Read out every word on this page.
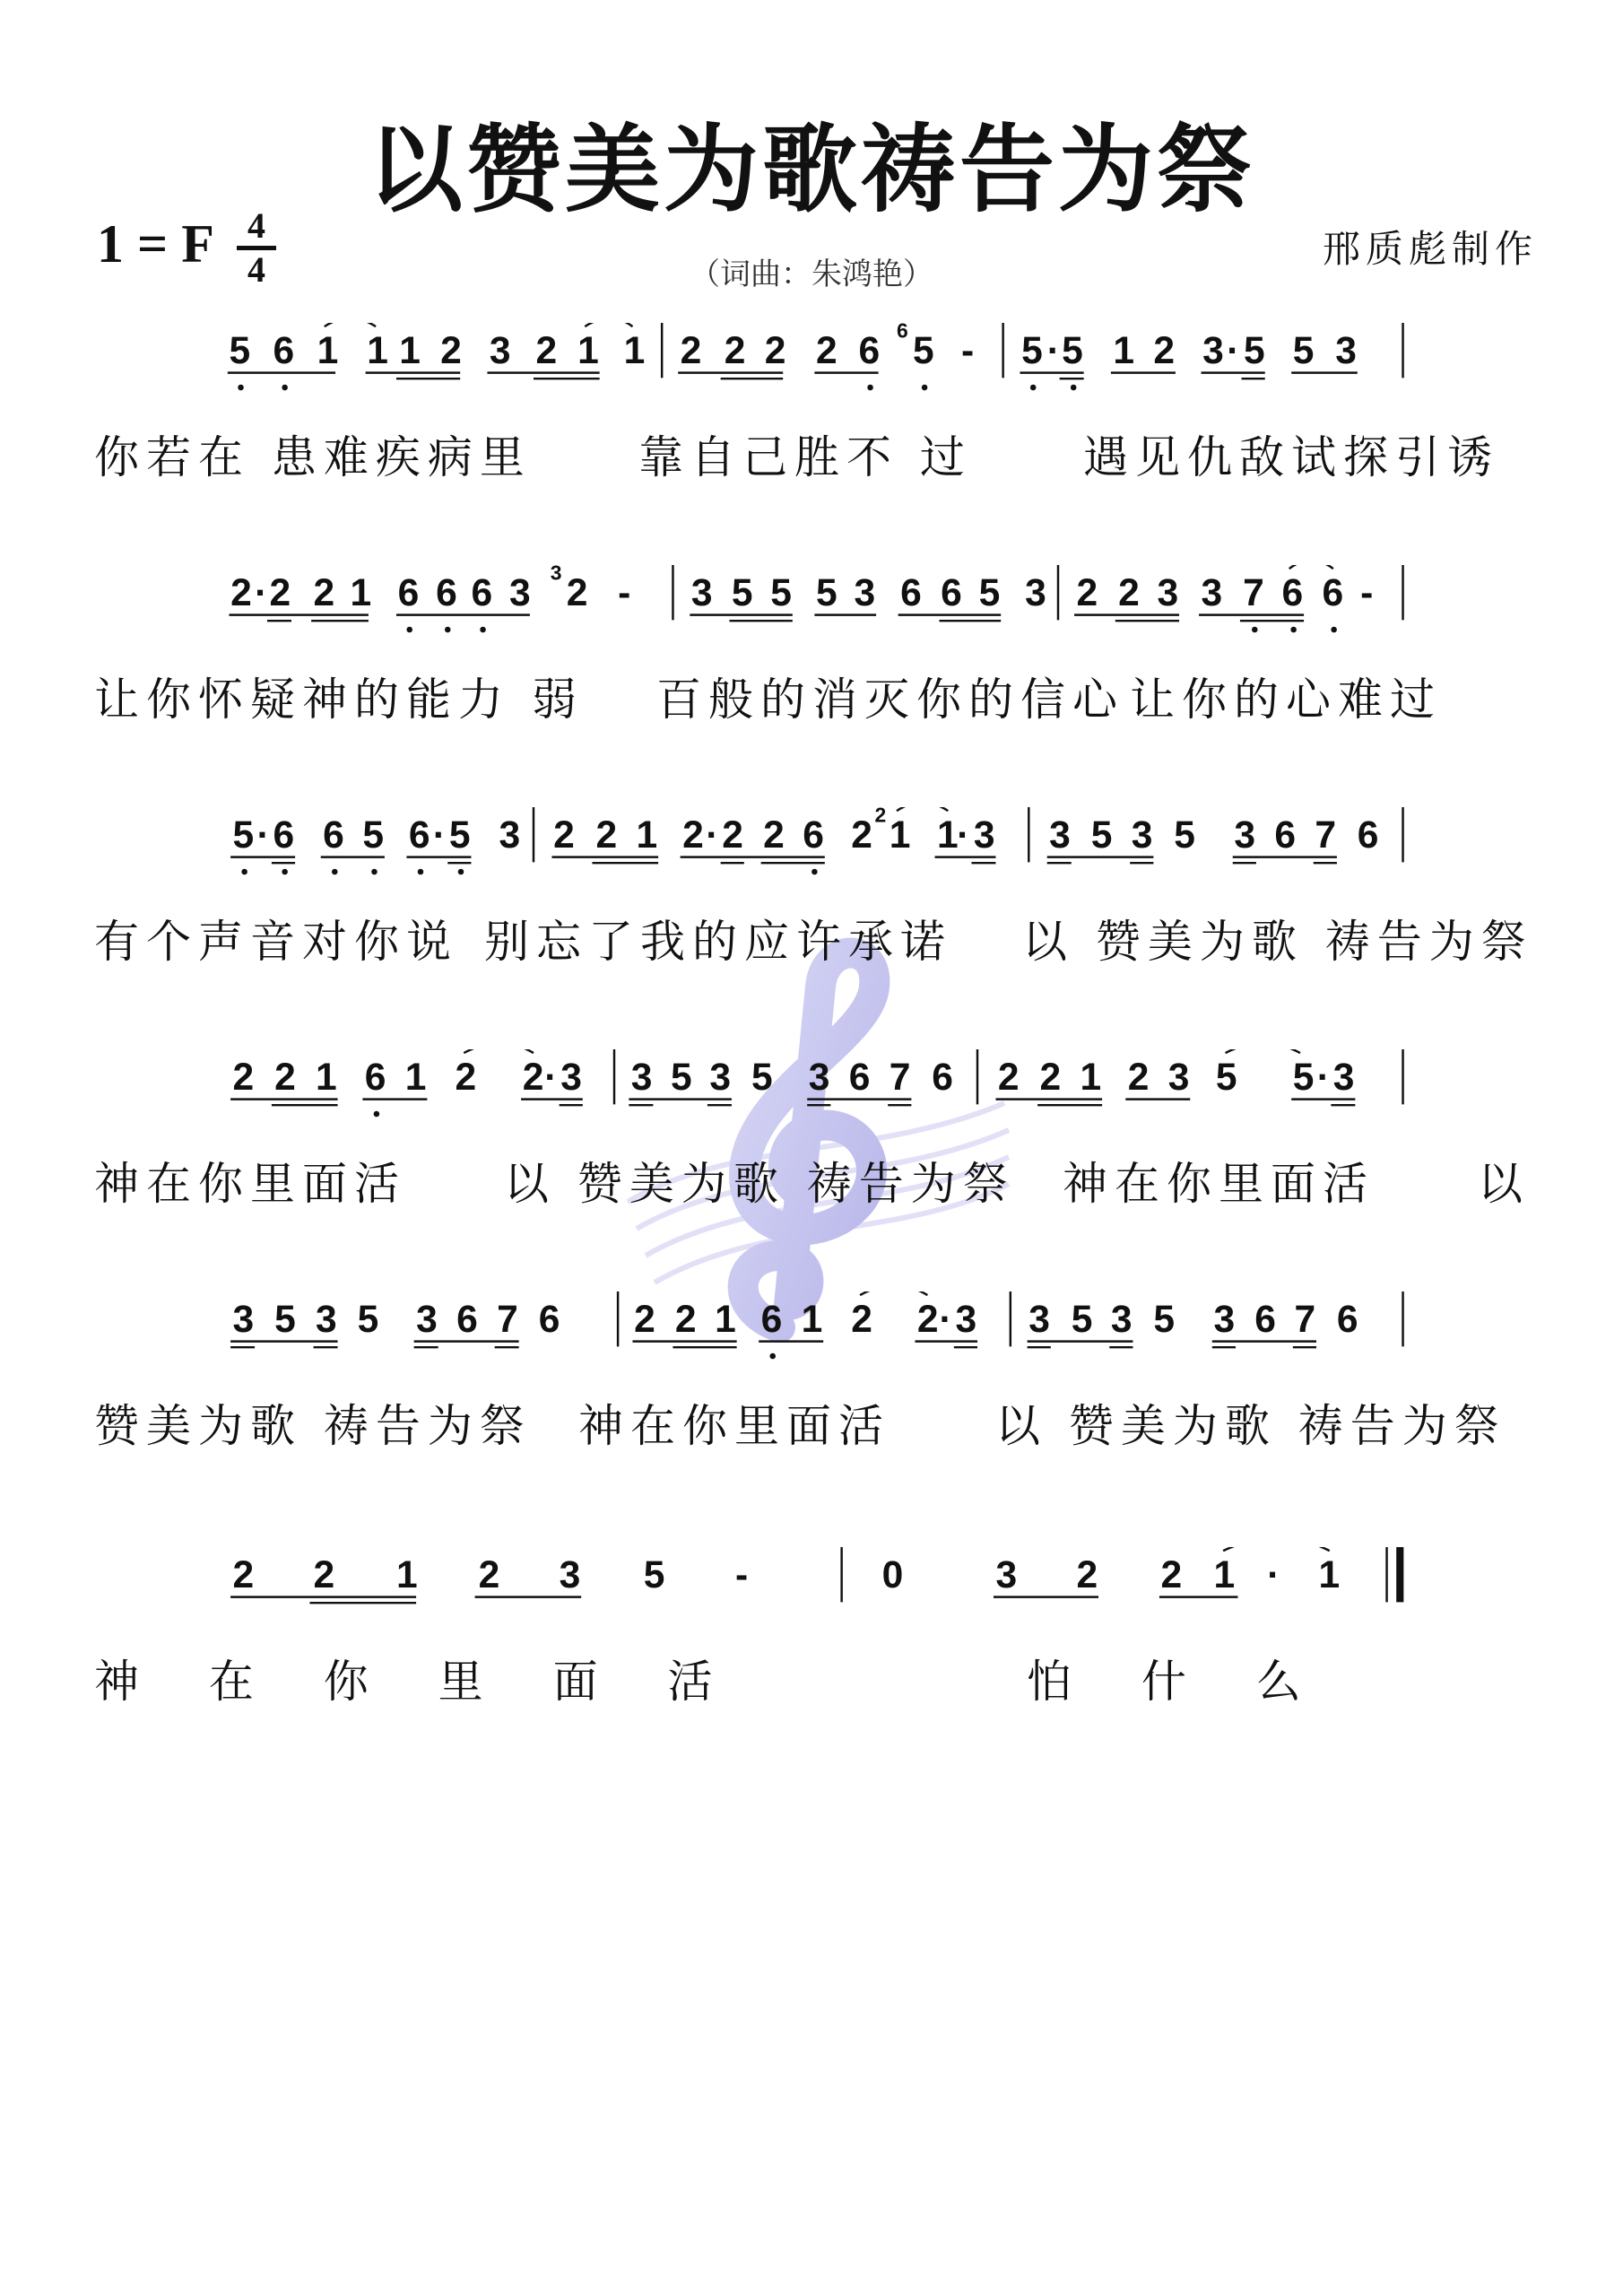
以赞美为歌祷告为祭
1 = F 4
4	（词曲：朱鸿艳）
邢质彪制作
5 6 1 1 1 2 3 2 1 1 2 2 2 2 6 6 5 - 5 · 5 1 2 3 · 5 5 3

你若在 患难疾病里

靠自己胜不 过

遇见仇敌试探引诱

2 · 2 2 1 6 6 6 3 3 2 - 3 5 5 5 3 6 6 5 3 2 2 3 3 7 6 6 -

让你怀疑神的能力 弱

百般的消灭你的信心

让你的心难过

5 · 6 6 5 6 · 5 3 2 2 1 2 · 2 2 6 2 2 1 1
· 3 3 5 3 5 3 6 7 6

有个声音对你说

别忘了我的应许承诺

以 赞美为歌 祷告为祭

2 2 1 6 1 2 2 · 3 3 5 3 5 3 6 7 6 2 2 1 2 3 5 5 · 3

神在你里面活

以 赞美为歌 祷告为祭

神在你里面活

以

3 5 3 5 3 6 7 6 2 2 1 6 1 2 2 · 3 3 5 3 5 3 6 7 6

赞美为歌 祷告为祭

神在你里面活

以 赞美为歌 祷告为祭

2 2 1 2 3 5 -	0 3 2 2 1 · 1

神 在 你 里 面 活

	怕 什 么
